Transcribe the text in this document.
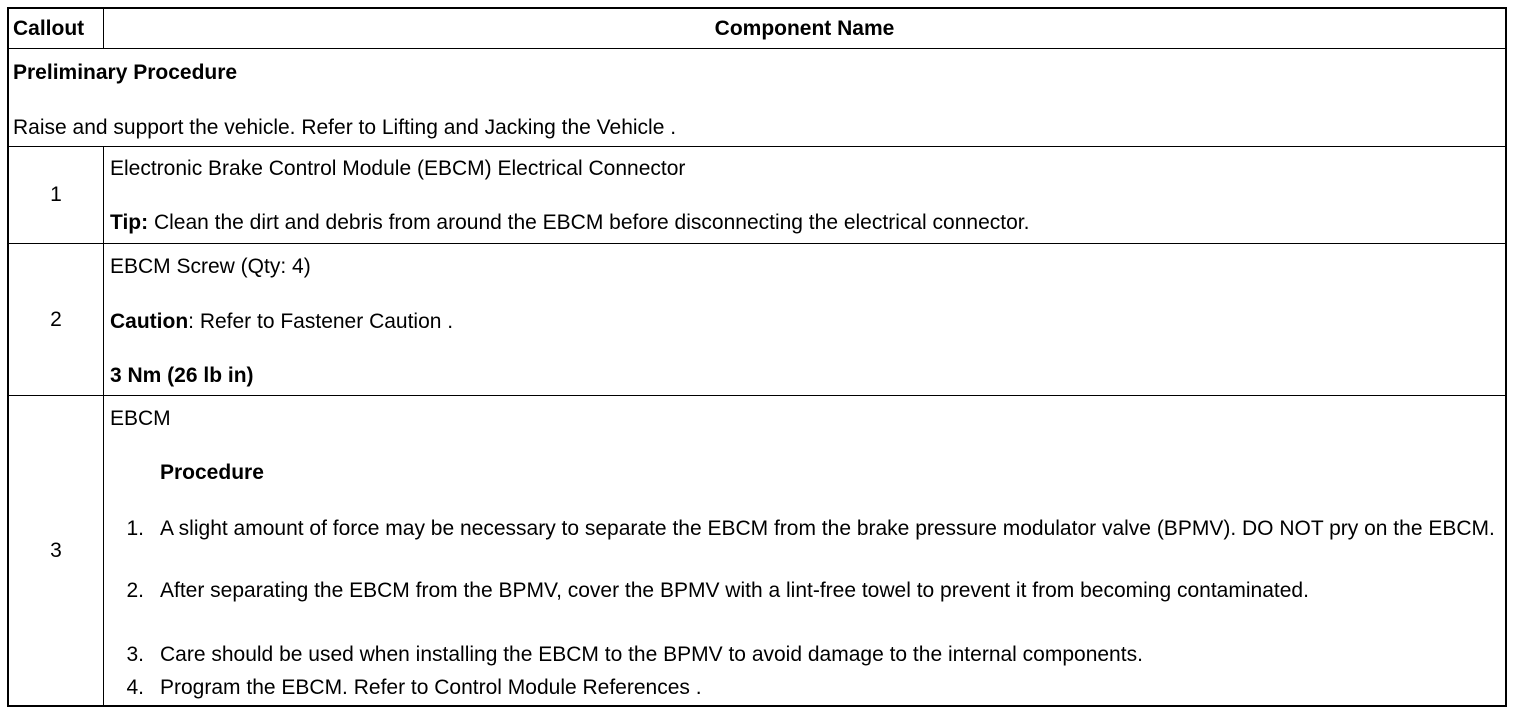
Callout	Component Name
Preliminary Procedure
Raise and support the vehicle. Refer to Lifting and Jacking the Vehicle .
1
Electronic Brake Control Module (EBCM) Electrical Connector
Tip: Clean the dirt and debris from around the EBCM before disconnecting the electrical connector.
2
EBCM Screw (Qty: 4)
Caution: Refer to Fastener Caution .
3 Nm (26 lb in)
3
EBCM
Procedure
1. A slight amount of force may be necessary to separate the EBCM from the brake pressure modulator valve (BPMV). DO NOT pry on the EBCM.
2. After separating the EBCM from the BPMV, cover the BPMV with a lint-free towel to prevent it from becoming contaminated.
3. Care should be used when installing the EBCM to the BPMV to avoid damage to the internal components.
4. Program the EBCM. Refer to Control Module References .
